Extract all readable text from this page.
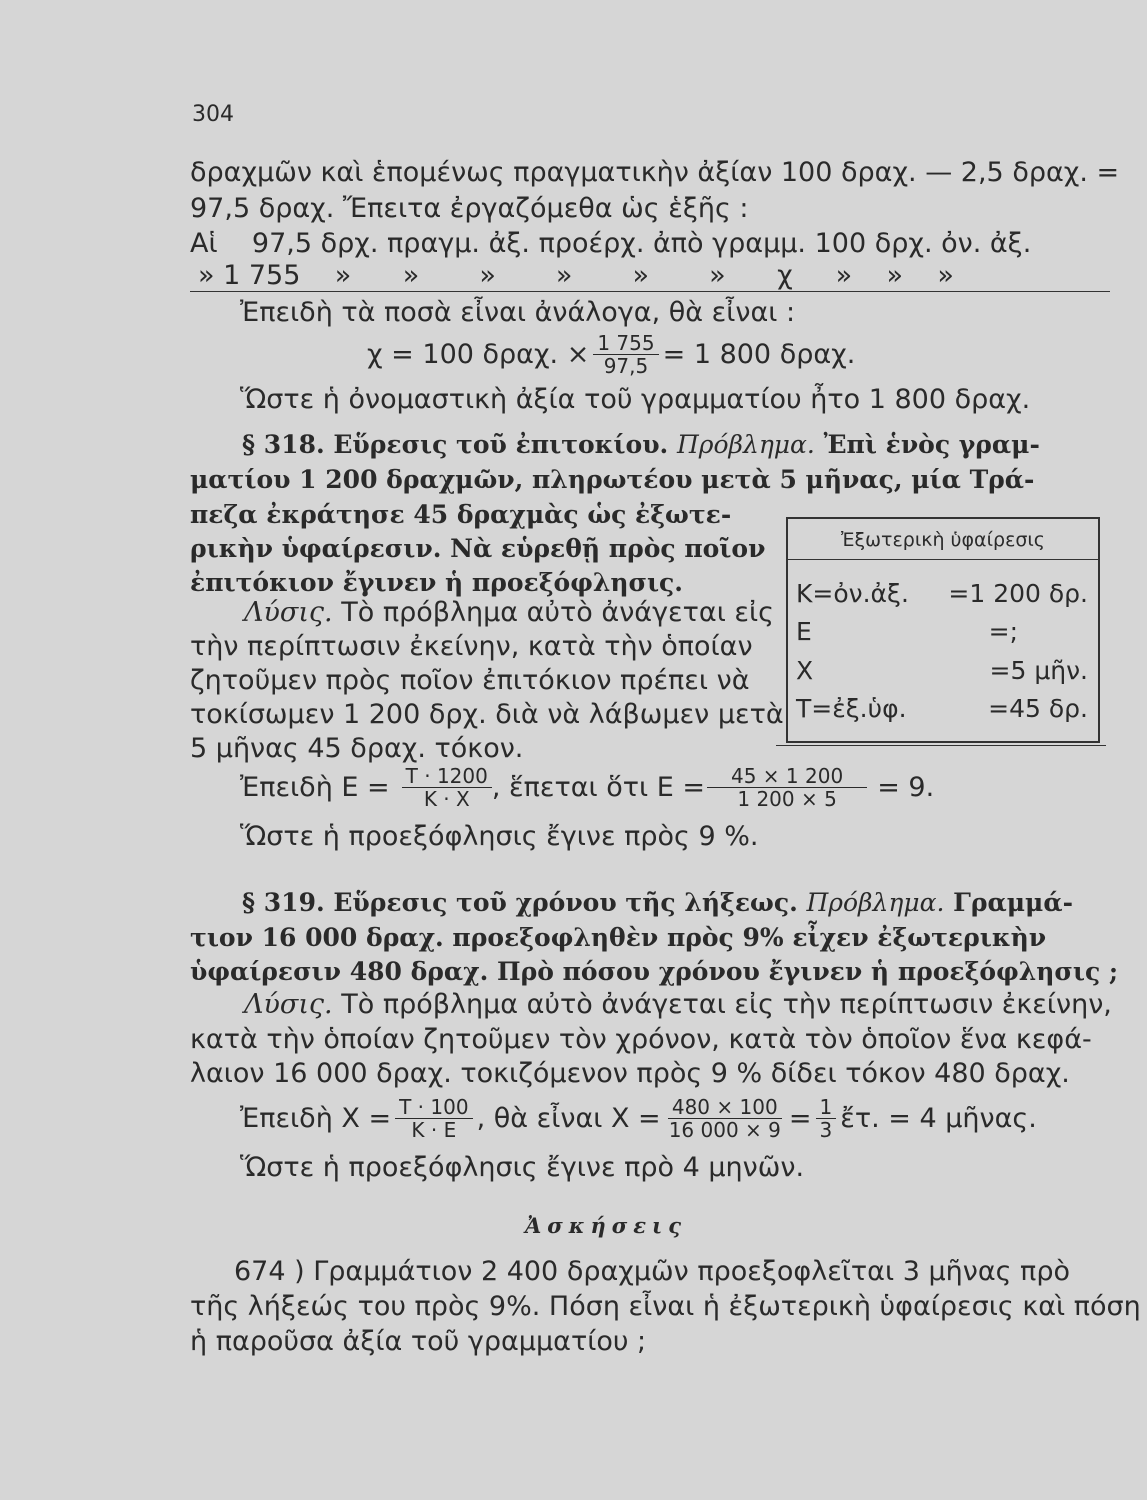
304
δραχμῶν καὶ ἑπομένως πραγματικὴν ἀξίαν 100 δραχ. — 2,5 δραχ. =
97,5 δραχ. Ἔπειτα ἐργαζόμεθα ὡς ἑξῆς :
Αἱ    97,5 δρχ. πραγμ. ἀξ. προέρχ. ἀπὸ γραμμ. 100 δρχ. ὀν. ἀξ.
» 1 755    »      »       »       »       »       »      χ     »    »    »
Ἐπειδὴ τὰ ποσὰ εἶναι ἀνάλογα, θὰ εἶναι :
χ = 100 δραχ. × $\frac{1 755}{97,5} = 1$ 800 δραχ.
Ὥστε ἡ ὀνομαστικὴ ἀξία τοῦ γραμματίου ἦτο 1 800 δραχ.
§ 318. Εὕρεσις τοῦ ἐπιτοκίου. Πρόβλημα. Ἐπὶ ἑνὸς γραμ-
ματίου 1 200 δραχμῶν, πληρωτέου μετὰ 5 μῆνας, μία Τρά-
πεζα ἐκράτησε 45 δραχμὰς ὡς ἐξωτε-
ρικὴν ὑφαίρεσιν. Νὰ εὑρεθῇ πρὸς ποῖον
ἐπιτόκιον ἔγινεν ἡ προεξόφλησις.
Λύσις. Τὸ πρόβλημα αὐτὸ ἀνάγεται εἰς
τὴν περίπτωσιν ἐκείνην, κατὰ τὴν ὁποίαν
ζητοῦμεν πρὸς ποῖον ἐπιτόκιον πρέπει νὰ
τοκίσωμεν 1 200 δρχ. διὰ νὰ λάβωμεν μετὰ
5 μῆνας 45 δραχ. τόκον.
Ἐξωτερικὴ ὑφαίρεσις
Κ=ὀν.ἀξ. =1 200 δρ.
Ε	=;
Χ	=5 μῆν.
Τ=ἐξ.ὑφ.	=45 δρ.
Ἐπειδὴ $E = \frac{T \cdot 1200}{K \cdot X}$ , ἕπεται ὅτι $E = \frac{45 \times 1 200}{1 200 \times 5} = 9$.
Ὥστε ἡ προεξόφλησις ἔγινε πρὸς 9 %.
§ 319. Εὕρεσις τοῦ χρόνου τῆς λήξεως. Πρόβλημα. Γραμμά-
τιον 16 000 δραχ. προεξοφληθὲν πρὸς 9% εἶχεν ἐξωτερικὴν
ὑφαίρεσιν 480 δραχ. Πρὸ πόσου χρόνου ἔγινεν ἡ προεξόφλησις ;
Λύσις. Τὸ πρόβλημα αὐτὸ ἀνάγεται εἰς τὴν περίπτωσιν ἐκείνην,
κατὰ τὴν ὁποίαν ζητοῦμεν τὸν χρόνον, κατὰ τὸν ὁποῖον ἕνα κεφά-
λαιον 16 000 δραχ. τοκιζόμενον πρὸς 9 % δίδει τόκον 480 δραχ.
Ἐπειδὴ $X = \frac{T \cdot 100}{K \cdot E}$ , θὰ εἶναι $X = \frac{480 \times 100}{16 000 \times 9} = \frac{1}{3}$ ἔτ. = 4 μῆνας.
Ὥστε ἡ προεξόφλησις ἔγινε πρὸ 4 μηνῶν.
Ἀσκήσεις
674 ) Γραμμάτιον 2 400 δραχμῶν προεξοφλεῖται 3 μῆνας πρὸ
τῆς λήξεώς του πρὸς 9%. Πόση εἶναι ἡ ἐξωτερικὴ ὑφαίρεσις καὶ πόση
ἡ παροῦσα ἀξία τοῦ γραμματίου ;
